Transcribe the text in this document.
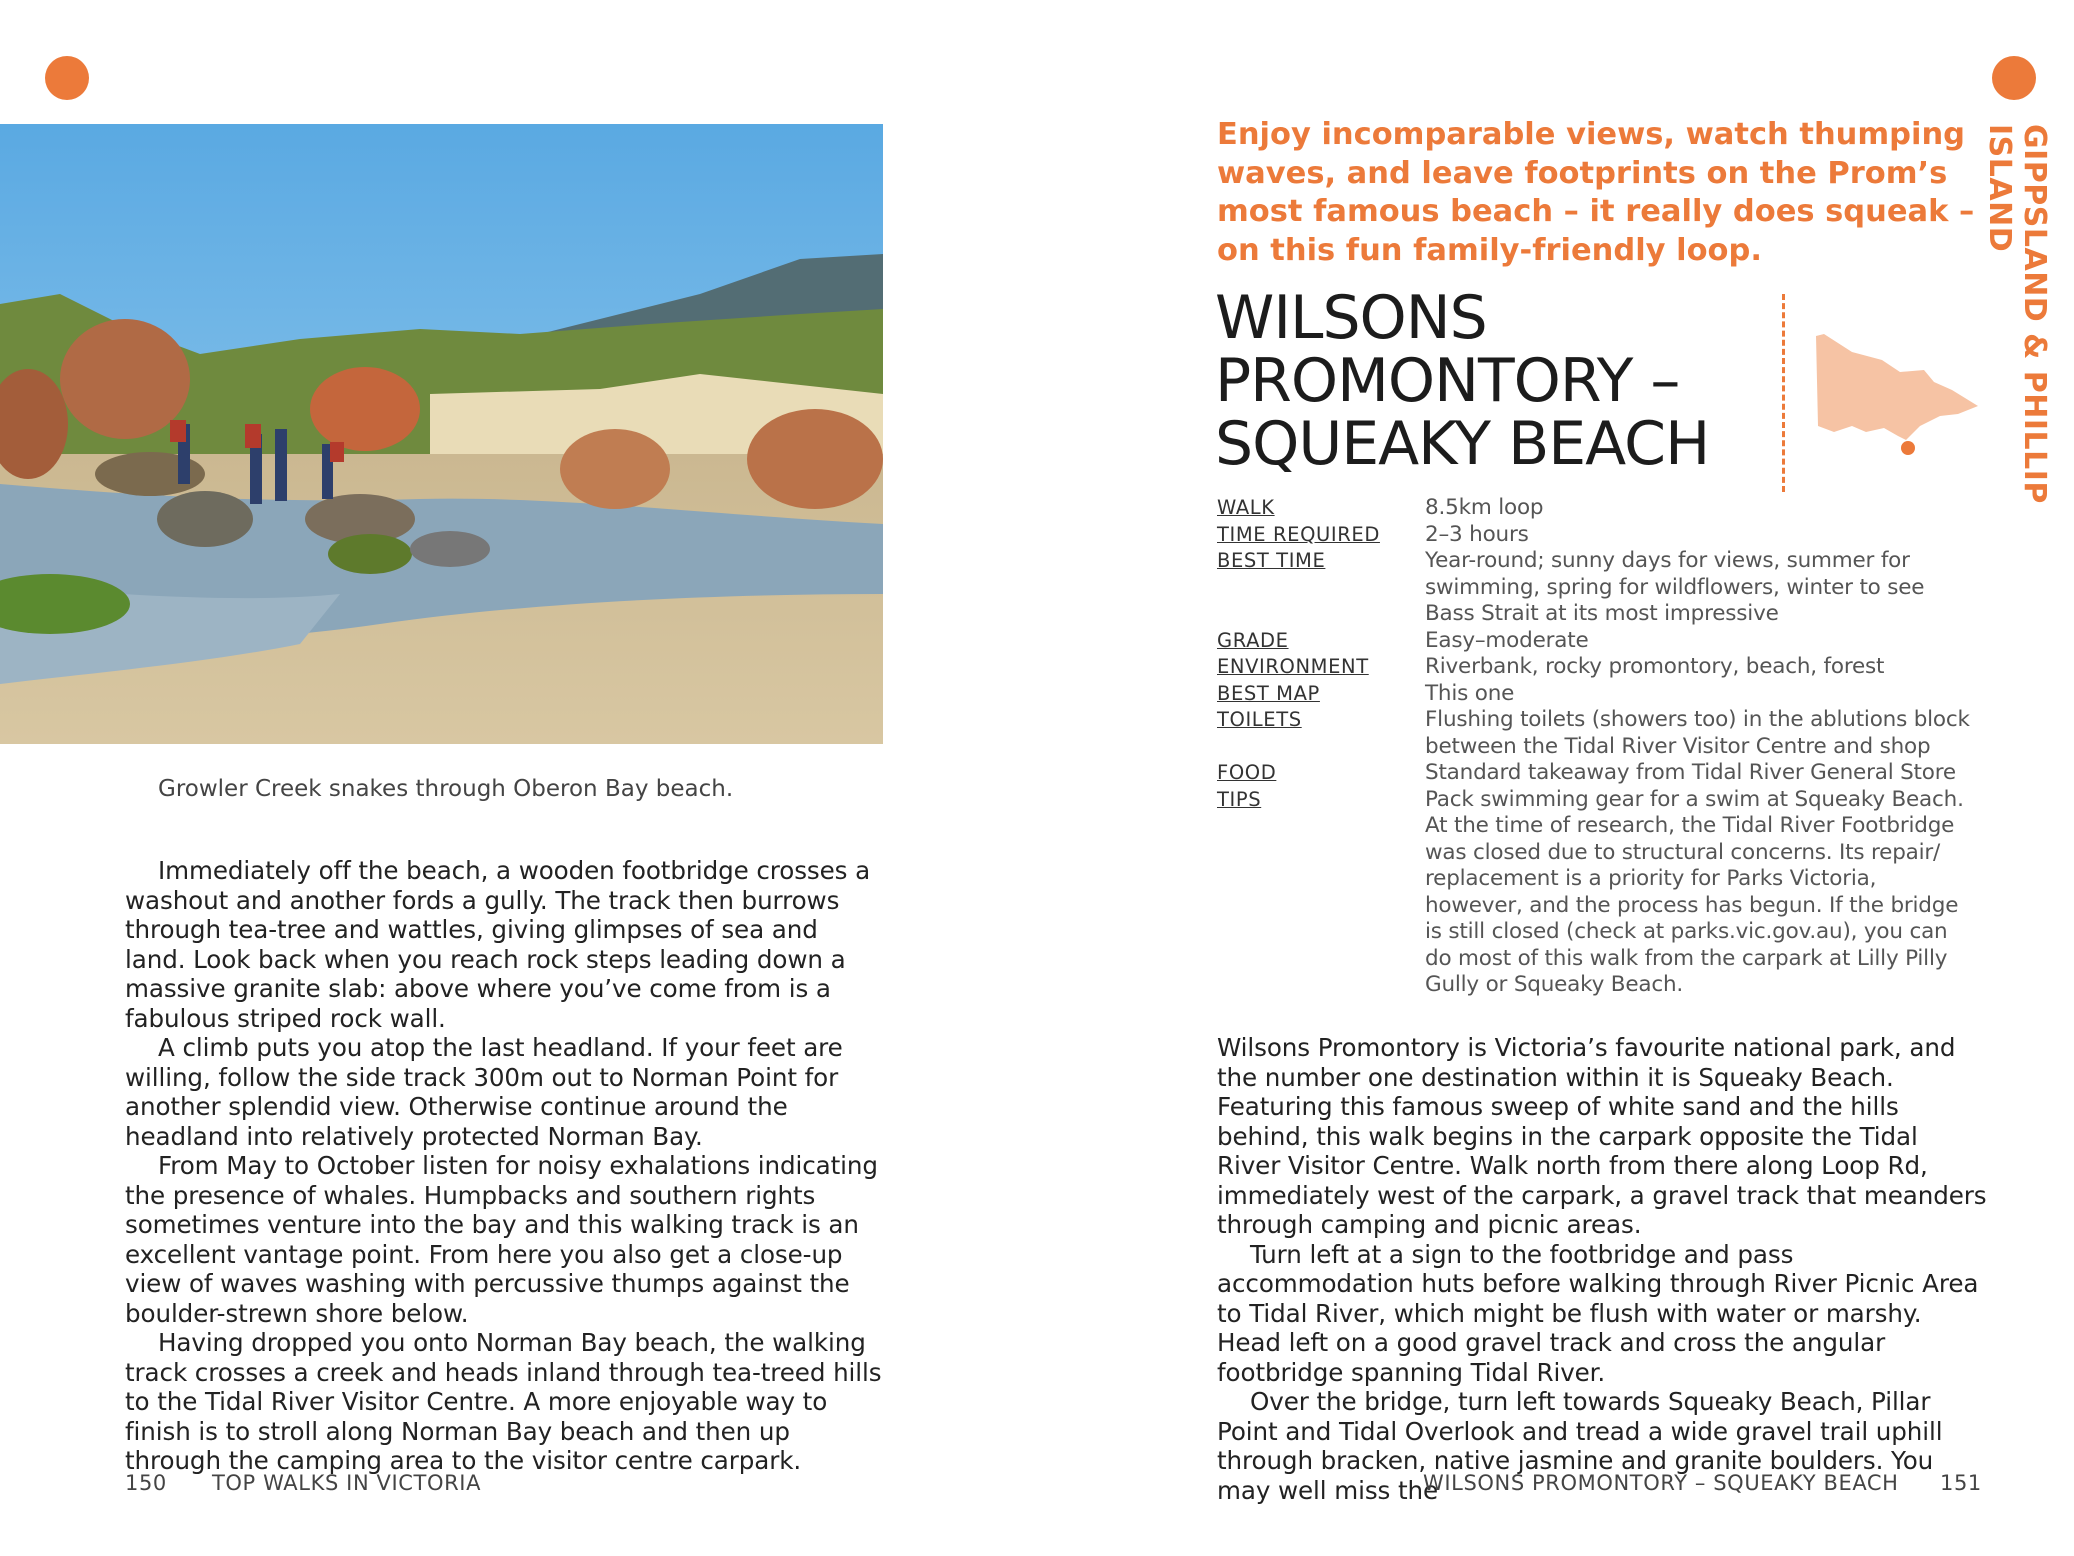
Growler Creek snakes through Oberon Bay beach.

Immediately off the beach, a wooden footbridge crosses a washout and another fords a gully. The track then burrows through tea-tree and wattles, giving glimpses of sea and land. Look back when you reach rock steps leading down a massive granite slab: above where you’ve come from is a fabulous striped rock wall.

A climb puts you atop the last headland. If your feet are willing, follow the side track 300m out to Norman Point for another splendid view. Otherwise continue around the headland into relatively protected Norman Bay.

From May to October listen for noisy exhalations indicating the presence of whales. Humpbacks and southern rights sometimes venture into the bay and this walking track is an excellent vantage point. From here you also get a close-up view of waves washing with percussive thumps against the boulder-strewn shore below.

Having dropped you onto Norman Bay beach, the walking track crosses a creek and heads inland through tea-treed hills to the Tidal River Visitor Centre. A more enjoyable way to finish is to stroll along Norman Bay beach and then up through the camping area to the visitor centre carpark.

150 TOP WALKS IN VICTORIA
Enjoy incomparable views, watch thumping waves, and leave footprints on the Prom’s most famous beach – it really does squeak – on this fun family-friendly loop.
WILSONS
PROMONTORY –
SQUEAKY BEACH	GIPPSLAND & PHILLIP ISLAND
WALK	8.5km loop
TIME REQUIRED 2–3 hours
BEST TIME	Year-round; sunny days for views, summer for swimming, spring for wildflowers, winter to see Bass Strait at its most impressive
GRADE	Easy–moderate
ENVIRONMENT	Riverbank, rocky promontory, beach, forest
BEST MAP	This one
TOILETS	Flushing toilets (showers too) in the ablutions block between the Tidal River Visitor Centre and shop
FOOD	Standard takeaway from Tidal River General Store
TIPS	Pack swimming gear for a swim at Squeaky Beach. At the time of research, the Tidal River Footbridge was closed due to structural concerns. Its repair/ replacement is a priority for Parks Victoria, however, and the process has begun. If the bridge is still closed (check at parks.vic.gov.au), you can do most of this walk from the carpark at Lilly Pilly Gully or Squeaky Beach.

Wilsons Promontory is Victoria’s favourite national park, and the number one destination within it is Squeaky Beach. Featuring this famous sweep of white sand and the hills behind, this walk begins in the carpark opposite the Tidal River Visitor Centre. Walk north from there along Loop Rd, immediately west of the carpark, a gravel track that meanders through camping and picnic areas.

Turn left at a sign to the footbridge and pass accommodation huts before walking through River Picnic Area to Tidal River, which might be flush with water or marshy. Head left on a good gravel track and cross the angular footbridge spanning Tidal River.

Over the bridge, turn left towards Squeaky Beach, Pillar Point and Tidal Overlook and tread a wide gravel trail uphill through bracken, native jasmine and granite boulders. You may well miss the

WILSONS PROMONTORY – SQUEAKY BEACH 151
